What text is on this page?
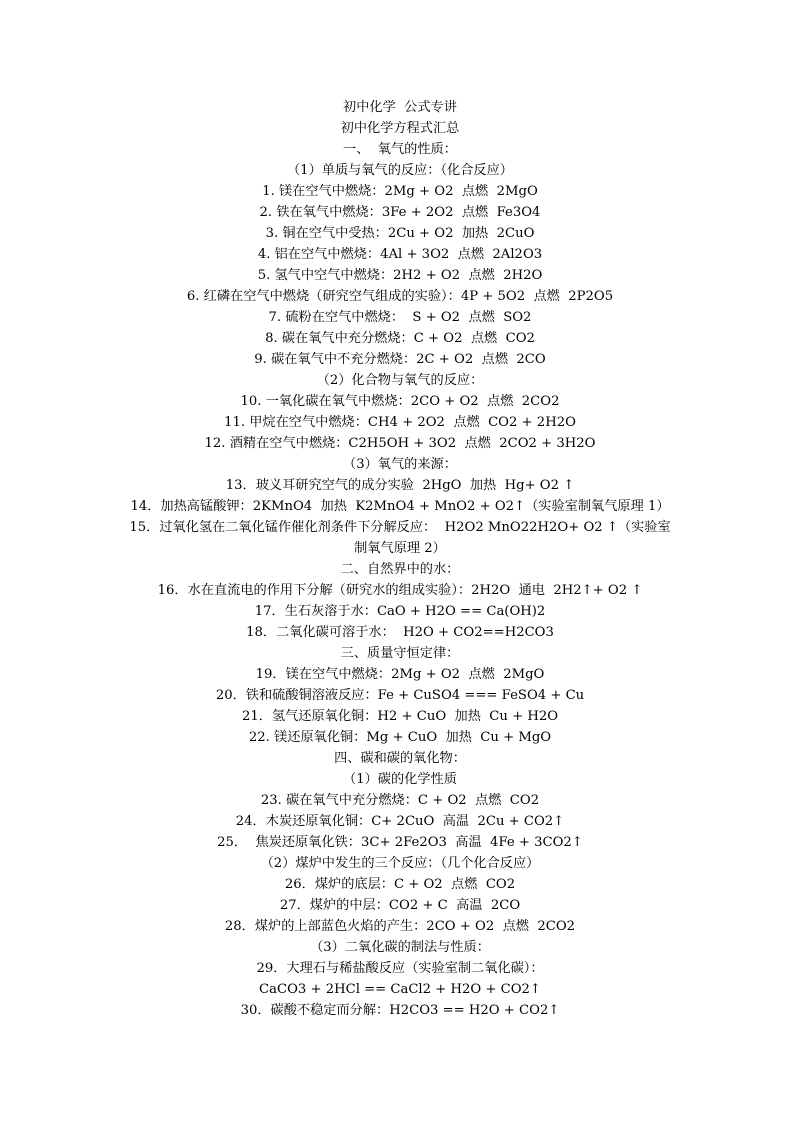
初中化学  公式专讲
初中化学方程式汇总
一、  氧气的性质：
（1）单质与氧气的反应：（化合反应）
1. 镁在空气中燃烧：2Mg + O2  点燃  2MgO
2. 铁在氧气中燃烧：3Fe + 2O2  点燃  Fe3O4
3. 铜在空气中受热：2Cu + O2  加热  2CuO
4. 铝在空气中燃烧：4Al + 3O2  点燃  2Al2O3
5. 氢气中空气中燃烧：2H2 + O2  点燃  2H2O
6. 红磷在空气中燃烧（研究空气组成的实验）：4P + 5O2  点燃  2P2O5
7. 硫粉在空气中燃烧：  S + O2  点燃  SO2
8. 碳在氧气中充分燃烧：C + O2  点燃  CO2
9. 碳在氧气中不充分燃烧：2C + O2  点燃  2CO
（2）化合物与氧气的反应：
10. 一氧化碳在氧气中燃烧：2CO + O2  点燃  2CO2
11. 甲烷在空气中燃烧：CH4 + 2O2  点燃  CO2 + 2H2O
12. 酒精在空气中燃烧：C2H5OH + 3O2  点燃  2CO2 + 3H2O
（3）氧气的来源：
13．玻义耳研究空气的成分实验  2HgO  加热  Hg+ O2 ↑
14．加热高锰酸钾：2KMnO4  加热  K2MnO4 + MnO2 + O2↑（实验室制氧气原理 1）
15．过氧化氢在二氧化锰作催化剂条件下分解反应：  H2O2 MnO22H2O+ O2 ↑（实验室
制氧气原理 2）
二、自然界中的水：
16．水在直流电的作用下分解（研究水的组成实验）：2H2O  通电  2H2↑+ O2 ↑
17．生石灰溶于水：CaO + H2O == Ca(OH)2
18．二氧化碳可溶于水：  H2O + CO2==H2CO3
三、质量守恒定律：
19．镁在空气中燃烧：2Mg + O2  点燃  2MgO
20．铁和硫酸铜溶液反应：Fe + CuSO4 === FeSO4 + Cu
21．氢气还原氧化铜：H2 + CuO  加热  Cu + H2O
22. 镁还原氧化铜：Mg + CuO  加热  Cu + MgO
四、碳和碳的氧化物：
（1）碳的化学性质
23. 碳在氧气中充分燃烧：C + O2  点燃  CO2
24．木炭还原氧化铜：C+ 2CuO  高温  2Cu + CO2↑
25．  焦炭还原氧化铁：3C+ 2Fe2O3  高温  4Fe + 3CO2↑
（2）煤炉中发生的三个反应：（几个化合反应）
26．煤炉的底层：C + O2  点燃  CO2
27．煤炉的中层：CO2 + C  高温  2CO
28．煤炉的上部蓝色火焰的产生：2CO + O2  点燃  2CO2
（3）二氧化碳的制法与性质：
29．大理石与稀盐酸反应（实验室制二氧化碳）：
CaCO3 + 2HCl == CaCl2 + H2O + CO2↑
30．碳酸不稳定而分解：H2CO3 == H2O + CO2↑
